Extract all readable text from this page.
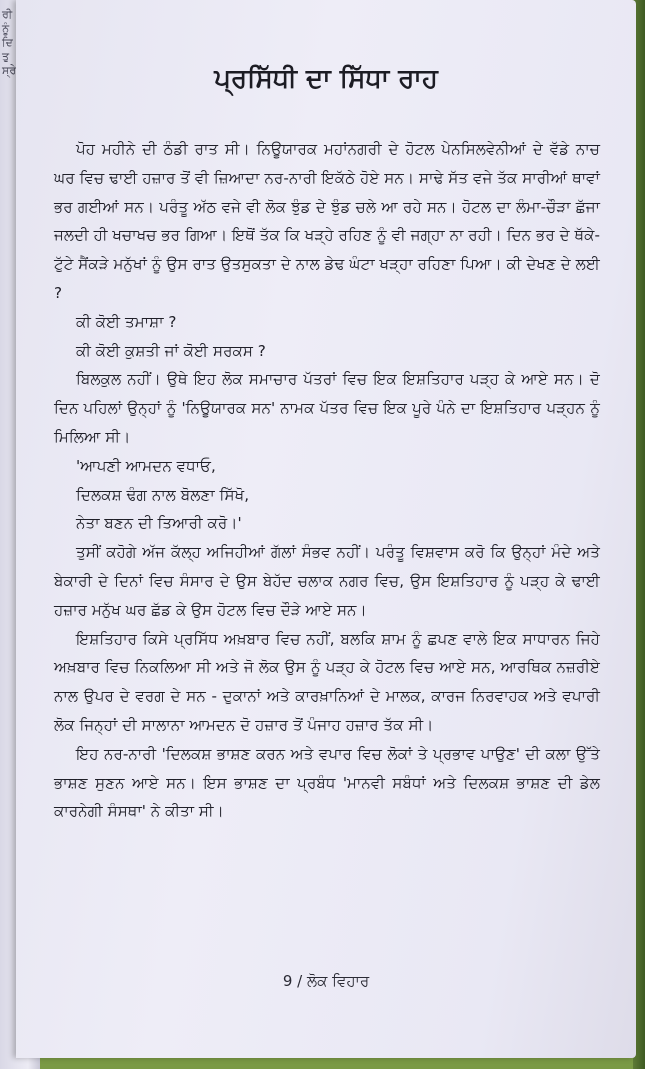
ਰੀ ਨੂੰ ਦਿ ਤੁ ਸ੍ਰੇ	ਪ੍ਰਸਿੱਧੀ ਦਾ ਸਿੱਧਾ ਰਾਹ

ਪੋਹ ਮਹੀਨੇ ਦੀ ਠੰਡੀ ਰਾਤ ਸੀ। ਨਿਊਯਾਰਕ ਮਹਾਂਨਗਰੀ ਦੇ ਹੋਟਲ ਪੇਨਸਿਲਵੇਨੀਆਂ ਦੇ ਵੱਡੇ ਨਾਚ ਘਰ ਵਿਚ ਢਾਈ ਹਜ਼ਾਰ ਤੋਂ ਵੀ ਜ਼ਿਆਦਾ ਨਰ-ਨਾਰੀ ਇਕੱਠੇ ਹੋਏ ਸਨ। ਸਾਢੇ ਸੱਤ ਵਜੇ ਤੱਕ ਸਾਰੀਆਂ ਥਾਵਾਂ ਭਰ ਗਈਆਂ ਸਨ। ਪਰੰਤੂ ਅੱਠ ਵਜੇ ਵੀ ਲੋਕ ਝੁੰਡ ਦੇ ਝੁੰਡ ਚਲੇ ਆ ਰਹੇ ਸਨ। ਹੋਟਲ ਦਾ ਲੰਮਾ-ਚੌੜਾ ਛੱਜਾ ਜਲਦੀ ਹੀ ਖਚਾਖਚ ਭਰ ਗਿਆ। ਇਥੋਂ ਤੱਕ ਕਿ ਖੜ੍ਹੇ ਰਹਿਣ ਨੂੰ ਵੀ ਜਗ੍ਹਾ ਨਾ ਰਹੀ। ਦਿਨ ਭਰ ਦੇ ਥੱਕੇ-ਟੁੱਟੇ ਸੈਂਕੜੇ ਮਨੁੱਖਾਂ ਨੂੰ ਉਸ ਰਾਤ ਉਤਸੁਕਤਾ ਦੇ ਨਾਲ ਡੇਢ ਘੰਟਾ ਖੜ੍ਹਾ ਰਹਿਣਾ ਪਿਆ। ਕੀ ਦੇਖਣ ਦੇ ਲਈ ?

ਕੀ ਕੋਈ ਤਮਾਸ਼ਾ ?

ਕੀ ਕੋਈ ਕੁਸ਼ਤੀ ਜਾਂ ਕੋਈ ਸਰਕਸ ?

ਬਿਲਕੁਲ ਨਹੀਂ। ਉਥੇ ਇਹ ਲੋਕ ਸਮਾਚਾਰ ਪੱਤਰਾਂ ਵਿਚ ਇਕ ਇਸ਼ਤਿਹਾਰ ਪੜ੍ਹ ਕੇ ਆਏ ਸਨ। ਦੋ ਦਿਨ ਪਹਿਲਾਂ ਉਨ੍ਹਾਂ ਨੂੰ 'ਨਿਊਯਾਰਕ ਸਨ' ਨਾਮਕ ਪੱਤਰ ਵਿਚ ਇਕ ਪੂਰੇ ਪੰਨੇ ਦਾ ਇਸ਼ਤਿਹਾਰ ਪੜ੍ਹਨ ਨੂੰ ਮਿਲਿਆ ਸੀ।

'ਆਪਣੀ ਆਮਦਨ ਵਧਾਓ,

ਦਿਲਕਸ਼ ਢੰਗ ਨਾਲ ਬੋਲਣਾ ਸਿੱਖੋ,

ਨੇਤਾ ਬਣਨ ਦੀ ਤਿਆਰੀ ਕਰੋ।'

ਤੁਸੀਂ ਕਹੋਗੇ ਅੱਜ ਕੱਲ੍ਹ ਅਜਿਹੀਆਂ ਗੱਲਾਂ ਸੰਭਵ ਨਹੀਂ। ਪਰੰਤੂ ਵਿਸ਼ਵਾਸ ਕਰੋ ਕਿ ਉਨ੍ਹਾਂ ਮੰਦੇ ਅਤੇ ਬੇਕਾਰੀ ਦੇ ਦਿਨਾਂ ਵਿਚ ਸੰਸਾਰ ਦੇ ਉਸ ਬੇਹੱਦ ਚਲਾਕ ਨਗਰ ਵਿਚ, ਉਸ ਇਸ਼ਤਿਹਾਰ ਨੂੰ ਪੜ੍ਹ ਕੇ ਢਾਈ ਹਜ਼ਾਰ ਮਨੁੱਖ ਘਰ ਛੱਡ ਕੇ ਉਸ ਹੋਟਲ ਵਿਚ ਦੌੜੇ ਆਏ ਸਨ।

ਇਸ਼ਤਿਹਾਰ ਕਿਸੇ ਪ੍ਰਸਿੱਧ ਅਖ਼ਬਾਰ ਵਿਚ ਨਹੀਂ, ਬਲਕਿ ਸ਼ਾਮ ਨੂੰ ਛਪਣ ਵਾਲੇ ਇਕ ਸਾਧਾਰਨ ਜਿਹੇ ਅਖ਼ਬਾਰ ਵਿਚ ਨਿਕਲਿਆ ਸੀ ਅਤੇ ਜੋ ਲੋਕ ਉਸ ਨੂੰ ਪੜ੍ਹ ਕੇ ਹੋਟਲ ਵਿਚ ਆਏ ਸਨ, ਆਰਥਿਕ ਨਜ਼ਰੀਏ ਨਾਲ ਉਪਰ ਦੇ ਵਰਗ ਦੇ ਸਨ - ਦੁਕਾਨਾਂ ਅਤੇ ਕਾਰਖ਼ਾਨਿਆਂ ਦੇ ਮਾਲਕ, ਕਾਰਜ ਨਿਰਵਾਹਕ ਅਤੇ ਵਪਾਰੀ ਲੋਕ ਜਿਨ੍ਹਾਂ ਦੀ ਸਾਲਾਨਾ ਆਮਦਨ ਦੋ ਹਜ਼ਾਰ ਤੋਂ ਪੰਜਾਹ ਹਜ਼ਾਰ ਤੱਕ ਸੀ।

ਇਹ ਨਰ-ਨਾਰੀ 'ਦਿਲਕਸ਼ ਭਾਸ਼ਣ ਕਰਨ ਅਤੇ ਵਪਾਰ ਵਿਚ ਲੋਕਾਂ ਤੇ ਪ੍ਰਭਾਵ ਪਾਉਣ' ਦੀ ਕਲਾ ਉੱਤੇ ਭਾਸ਼ਣ ਸੁਣਨ ਆਏ ਸਨ। ਇਸ ਭਾਸ਼ਣ ਦਾ ਪ੍ਰਬੰਧ 'ਮਾਨਵੀ ਸਬੰਧਾਂ ਅਤੇ ਦਿਲਕਸ਼ ਭਾਸ਼ਣ ਦੀ ਡੇਲ ਕਾਰਨੇਗੀ ਸੰਸਥਾ' ਨੇ ਕੀਤਾ ਸੀ।

9 / ਲੋਕ ਵਿਹਾਰ
